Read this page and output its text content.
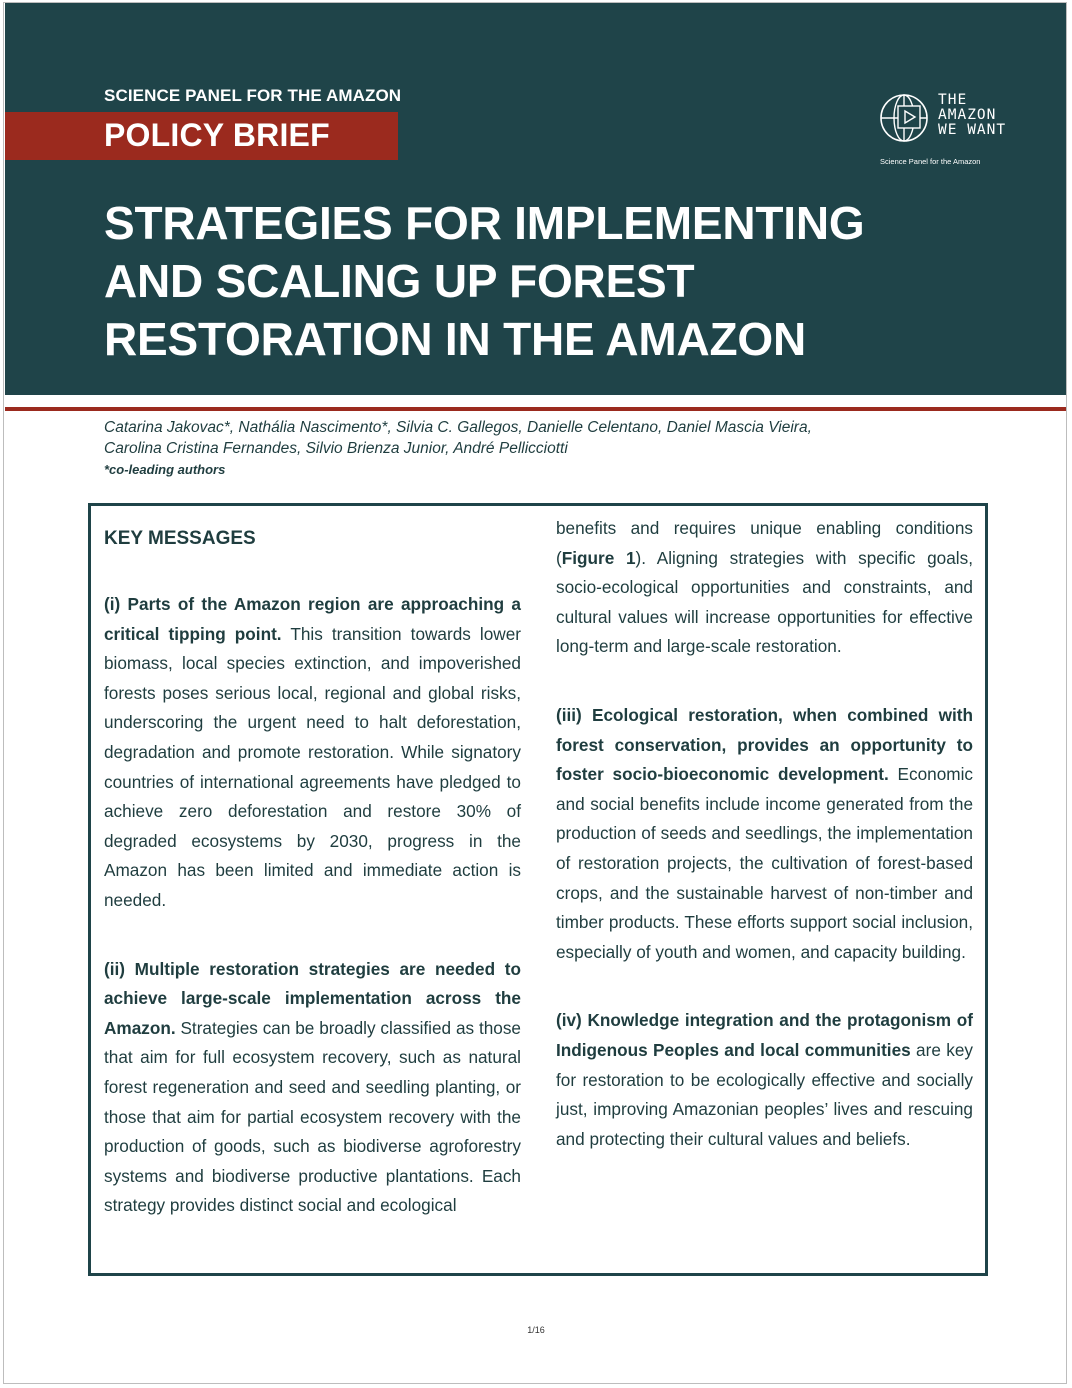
SCIENCE PANEL FOR THE AMAZON
POLICY BRIEF
THE
AMAZON
WE WANT
Science Panel for the Amazon
STRATEGIES FOR IMPLEMENTING
AND SCALING UP FOREST
RESTORATION IN THE AMAZON
Catarina Jakovac*, Nathália Nascimento*, Silvia C. Gallegos, Danielle Celentano, Daniel Mascia Vieira,
Carolina Cristina Fernandes, Silvio Brienza Junior, André Pellicciotti
*co-leading authors
KEY MESSAGES

(i) Parts of the Amazon region are approaching a critical tipping point. This transition towards lower biomass, local species extinction, and impoverished forests poses serious local, regional and global risks, underscoring the urgent need to halt deforestation, degradation and promote restoration. While signatory countries of international agreements have pledged to achieve zero deforestation and restore 30% of degraded ecosystems by 2030, progress in the Amazon has been limited and immediate action is needed.

(ii) Multiple restoration strategies are needed to achieve large-scale implementation across the Amazon. Strategies can be broadly classified as those that aim for full ecosystem recovery, such as natural forest regeneration and seed and seedling planting, or those that aim for partial ecosystem recovery with the production of goods, such as biodiverse agroforestry systems and biodiverse productive plantations. Each strategy provides distinct social and ecological

benefits and requires unique enabling conditions (Figure 1). Aligning strategies with specific goals, socio-ecological opportunities and constraints, and cultural values will increase opportunities for effective long-term and large-scale restoration.

(iii) Ecological restoration, when combined with forest conservation, provides an opportunity to foster socio-bioeconomic development. Economic and social benefits include income generated from the production of seeds and seedlings, the implementation of restoration projects, the cultivation of forest-based crops, and the sustainable harvest of non-timber and timber products. These efforts support social inclusion, especially of youth and women, and capacity building.

(iv) Knowledge integration and the protagonism of Indigenous Peoples and local communities are key for restoration to be ecologically effective and socially just, improving Amazonian peoples’ lives and rescuing and protecting their cultural values and beliefs.

1/16
